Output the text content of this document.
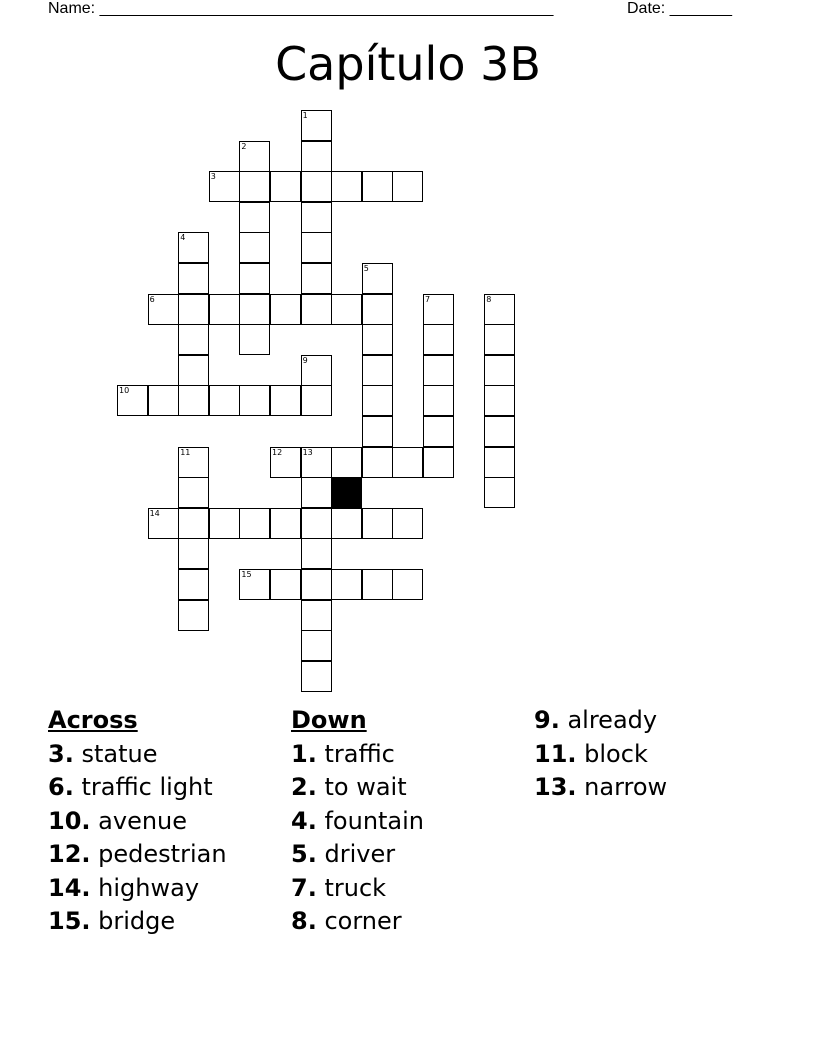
Name: ___________________________________________________	Date: _______
Capítulo 3B
3
6
10
12	13
14
15
1
2
4
5
7	8
9
11
Across
3. statue
6. traffic light
10. avenue
12. pedestrian
14. highway
15. bridge
Down
1. traffic
2. to wait
4. fountain
5. driver
7. truck
8. corner
9. already
11. block
13. narrow
